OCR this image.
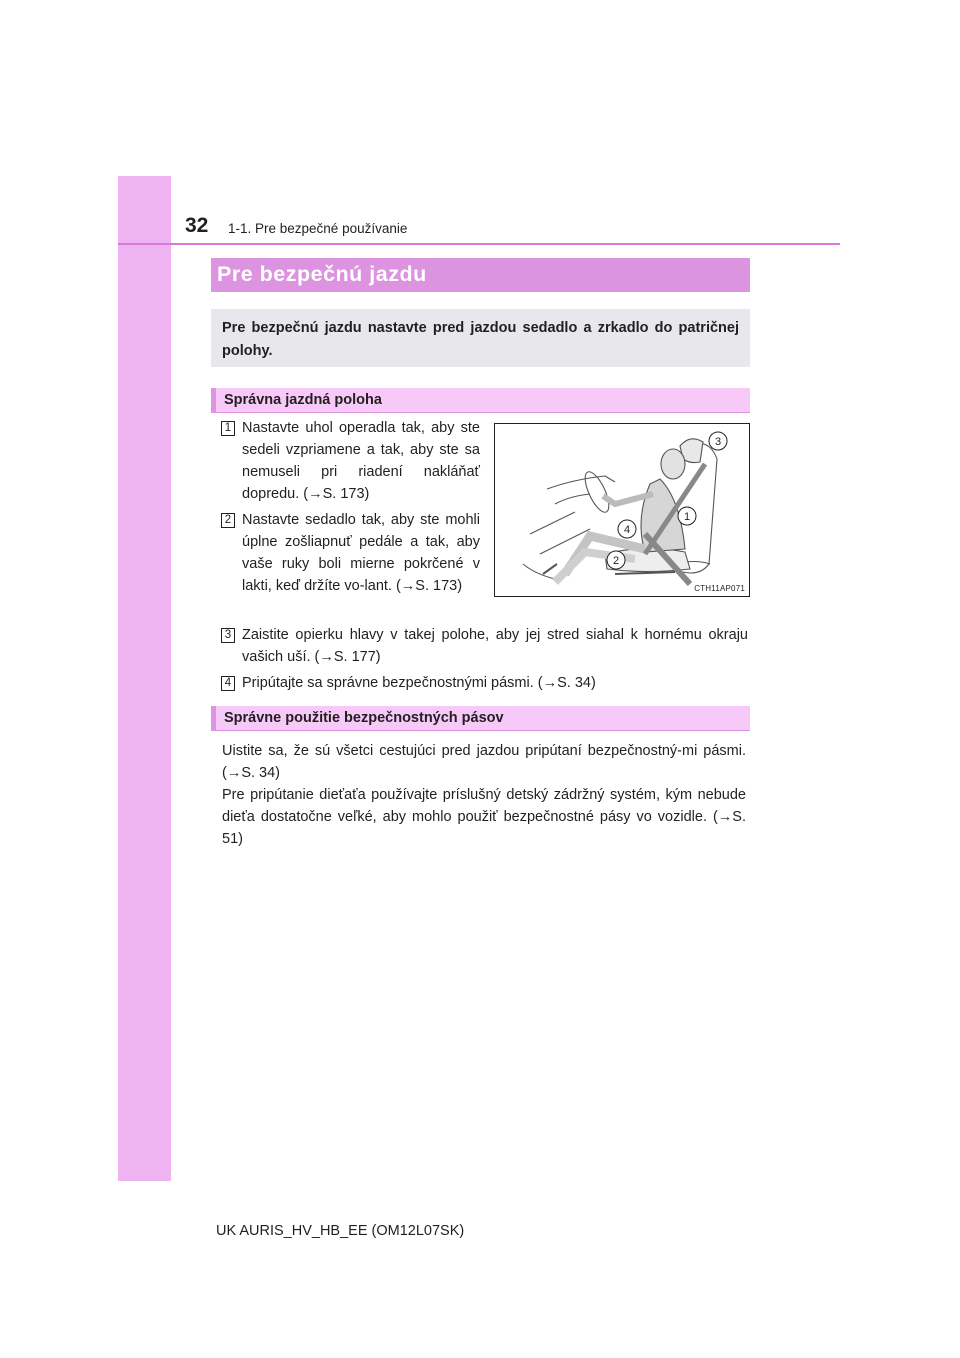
32 1-1. Pre bezpečné používanie
Pre bezpečnú jazdu

Pre bezpečnú jazdu nastavte pred jazdou sedadlo a zrkadlo do patričnej polohy.

Správna jazdná poloha
1 Nastavte uhol operadla tak, aby ste sedeli vzpriamene a tak, aby ste sa nemuseli pri riadení nakláňať dopredu. (→S. 173)

2 Nastavte sedadlo tak, aby ste mohli úplne zošliapnuť pedále a tak, aby vaše ruky boli mierne pokrčené v lakti, keď držíte vo-lant. (→S. 173)

3
1
4
2
CTH11AP071
3 Zaistite opierku hlavy v takej polohe, aby jej stred siahal k hornému okraju vašich uší. (→S. 177)

4 Pripútajte sa správne bezpečnostnými pásmi. (→S. 34)

Správne použitie bezpečnostných pásov

Uistite sa, že sú všetci cestujúci pred jazdou pripútaní bezpečnostný-mi pásmi. (→S. 34)

Pre pripútanie dieťaťa používajte príslušný detský zádržný systém, kým nebude dieťa dostatočne veľké, aby mohlo použiť bezpečnostné pásy vo vozidle. (→S. 51)

UK AURIS_HV_HB_EE (OM12L07SK)
